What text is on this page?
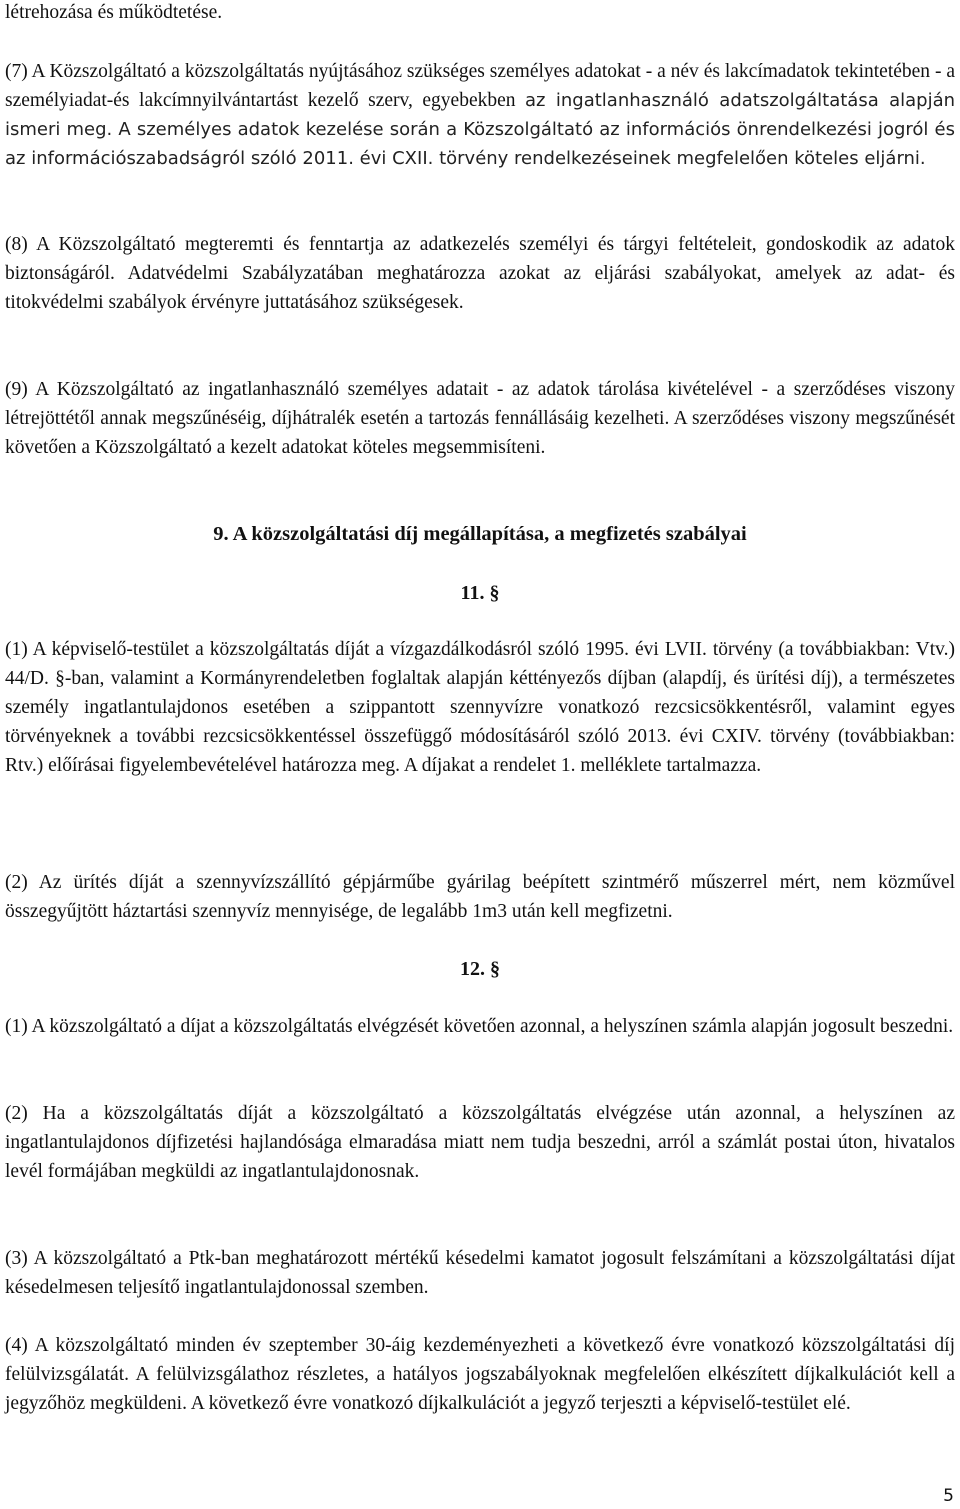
létrehozása és működtetése.

(7) A Közszolgáltató a közszolgáltatás nyújtásához szükséges személyes adatokat - a név és lakcímadatok tekintetében - a személyiadat-és lakcímnyilvántartást kezelő szerv, egyebekben az ingatlanhasználó adatszolgáltatása alapján ismeri meg. A személyes adatok kezelése során a Közszolgáltató az információs önrendelkezési jogról és az információszabadságról szóló 2011. évi CXII. törvény rendelkezéseinek megfelelően köteles eljárni.

(8) A Közszolgáltató megteremti és fenntartja az adatkezelés személyi és tárgyi feltételeit, gondoskodik az adatok biztonságáról. Adatvédelmi Szabályzatában meghatározza azokat az eljárási szabályokat, amelyek az adat- és titokvédelmi szabályok érvényre juttatásához szükségesek.

(9) A Közszolgáltató az ingatlanhasználó személyes adatait - az adatok tárolása kivételével - a szerződéses viszony létrejöttétől annak megszűnéséig, díjhátralék esetén a tartozás fennállásáig kezelheti. A szerződéses viszony megszűnését követően a Közszolgáltató a kezelt adatokat köteles megsemmisíteni.

9. A közszolgáltatási díj megállapítása, a megfizetés szabályai

11. §

(1) A képviselő-testület a közszolgáltatás díját a vízgazdálkodásról szóló 1995. évi LVII. törvény (a továbbiakban: Vtv.) 44/D. §-ban, valamint a Kormányrendeletben foglaltak alapján kéttényezős díjban (alapdíj, és ürítési díj), a természetes személy ingatlantulajdonos esetében a szippantott szennyvízre vonatkozó rezcsicsökkentésről, valamint egyes törvényeknek a további rezcsicsökkentéssel összefüggő módosításáról szóló 2013. évi CXIV. törvény (továbbiakban: Rtv.) előírásai figyelembevételével határozza meg. A díjakat a rendelet 1. melléklete tartalmazza.

(2) Az ürítés díját a szennyvízszállító gépjárműbe gyárilag beépített szintmérő műszerrel mért, nem közművel összegyűjtött háztartási szennyvíz mennyisége, de legalább 1m3 után kell megfizetni.

12. §

(1) A közszolgáltató a díjat a közszolgáltatás elvégzését követően azonnal, a helyszínen számla alapján jogosult beszedni.

(2) Ha a közszolgáltatás díját a közszolgáltató a közszolgáltatás elvégzése után azonnal, a helyszínen az ingatlantulajdonos díjfizetési hajlandósága elmaradása miatt nem tudja beszedni, arról a számlát postai úton, hivatalos levél formájában megküldi az ingatlantulajdonosnak.

(3) A közszolgáltató a Ptk-ban meghatározott mértékű késedelmi kamatot jogosult felszámítani a közszolgáltatási díjat késedelmesen teljesítő ingatlantulajdonossal szemben.

(4) A közszolgáltató minden év szeptember 30-áig kezdeményezheti a következő évre vonatkozó közszolgáltatási díj felülvizsgálatát. A felülvizsgálathoz részletes, a hatályos jogszabályoknak megfelelően elkészített díjkalkulációt kell a jegyzőhöz megküldeni. A következő évre vonatkozó díjkalkulációt a jegyző terjeszti a képviselő-testület elé.

5
